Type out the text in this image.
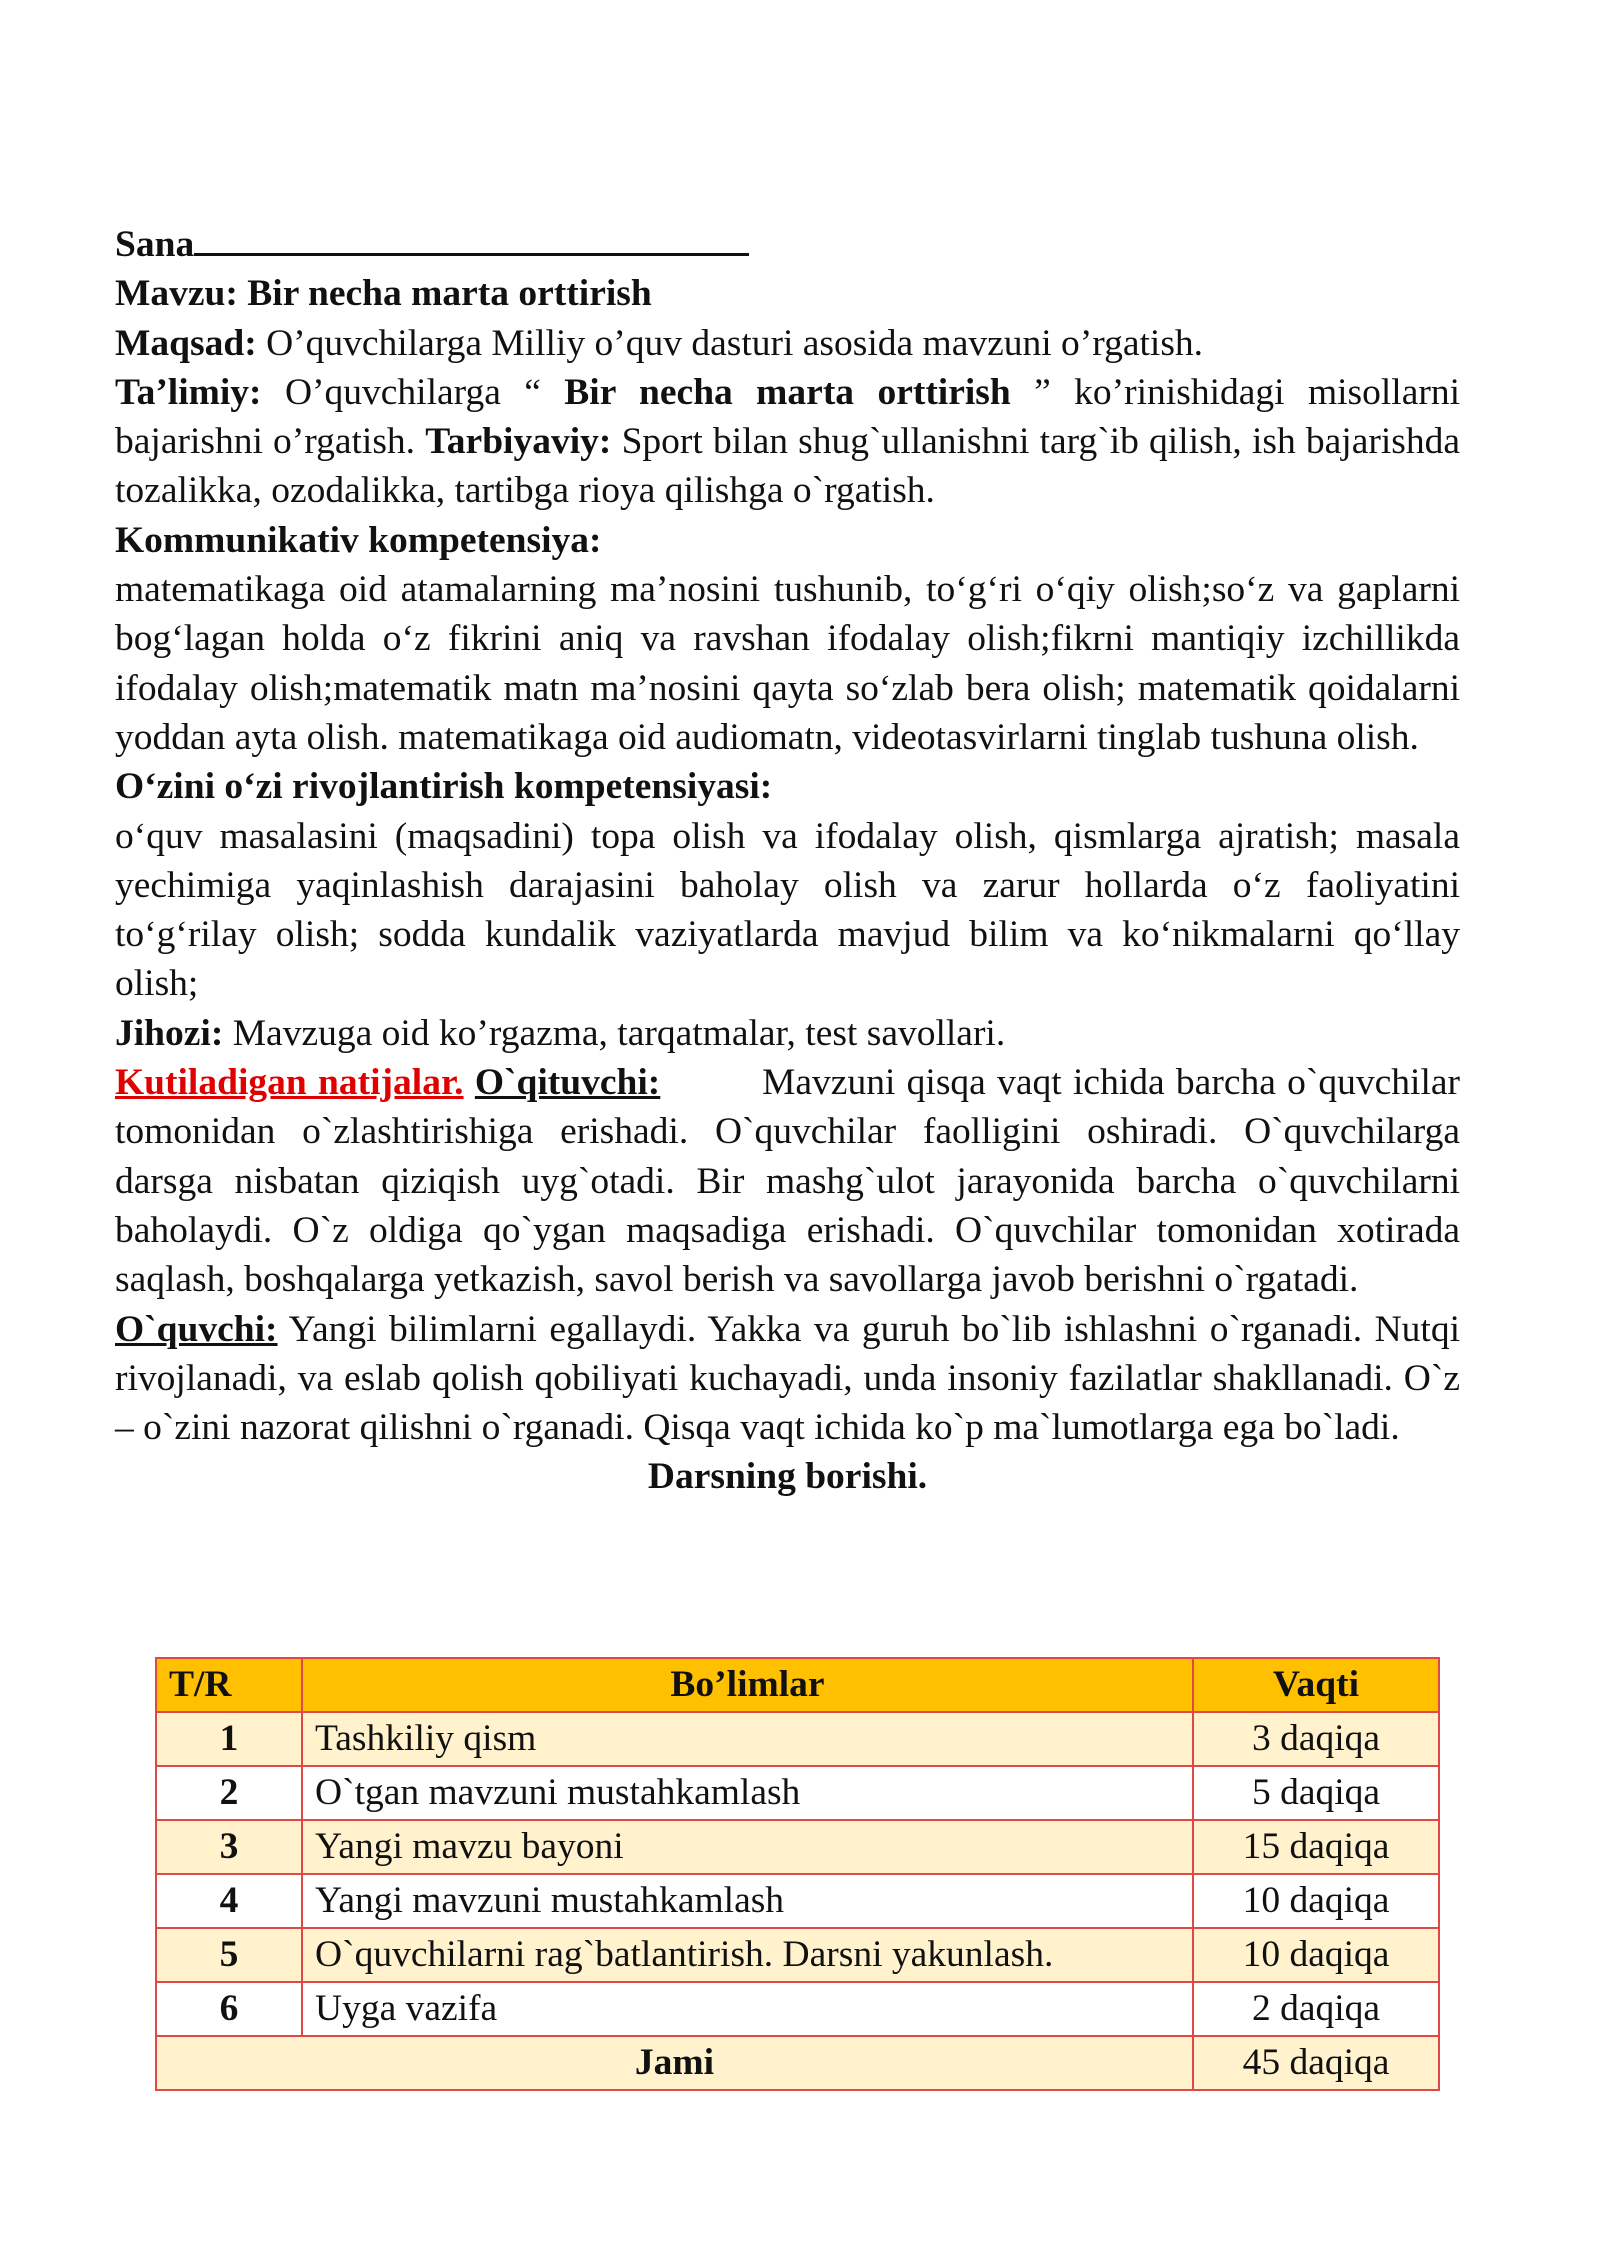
Sana

Mavzu: Bir necha marta orttirish

Maqsad: O’quvchilarga Milliy o’quv dasturi asosida mavzuni o’rgatish.

Ta’limiy: O’quvchilarga “ Bir necha marta orttirish ” ko’rinishidagi misollarni bajarishni o’rgatish. Tarbiyaviy: Sport bilan shug`ullanishni targ`ib qilish, ish bajarishda tozalikka, ozodalikka, tartibga rioya qilishga o`rgatish.

Kommunikativ kompetensiya:

matematikaga oid atamalarning ma’nosini tushunib, to‘g‘ri o‘qiy olish;so‘z va gaplarni bog‘lagan holda o‘z fikrini aniq va ravshan ifodalay olish;fikrni mantiqiy izchillikda ifodalay olish;matematik matn ma’nosini qayta so‘zlab bera olish; matematik qoidalarni yoddan ayta olish. matematikaga oid audiomatn, videotasvirlarni tinglab tushuna olish.

O‘zini o‘zi rivojlantirish kompetensiyasi:

o‘quv masalasini (maqsadini) topa olish va ifodalay olish, qismlarga ajratish; masala yechimiga yaqinlashish darajasini baholay olish va zarur hollarda o‘z faoliyatini to‘g‘rilay olish; sodda kundalik vaziyatlarda mavjud bilim va ko‘nikmalarni qo‘llay olish;

Jihozi: Mavzuga oid ko’rgazma, tarqatmalar, test savollari.

Kutiladigan natijalar. O`qituvchi:	Mavzuni qisqa vaqt ichida barcha o`quvchilar tomonidan o`zlashtirishiga erishadi. O`quvchilar faolligini oshiradi. O`quvchilarga darsga nisbatan qiziqish uyg`otadi. Bir mashg`ulot jarayonida barcha o`quvchilarni baholaydi. O`z oldiga qo`ygan maqsadiga erishadi. O`quvchilar tomonidan xotirada saqlash, boshqalarga yetkazish, savol berish va savollarga javob berishni o`rgatadi.

O`quvchi: Yangi bilimlarni egallaydi. Yakka va guruh bo`lib ishlashni o`rganadi. Nutqi rivojlanadi, va eslab qolish qobiliyati kuchayadi, unda insoniy fazilatlar shakllanadi. O`z – o`zini nazorat qilishni o`rganadi. Qisqa vaqt ichida ko`p ma`lumotlarga ega bo`ladi.

Darsning borishi.

T/R	Bo’limlar	Vaqti
1	Tashkiliy qism	3 daqiqa
2	O`tgan mavzuni mustahkamlash	5 daqiqa
3	Yangi mavzu bayoni	15 daqiqa
4	Yangi mavzuni mustahkamlash	10 daqiqa
5	O`quvchilarni rag`batlantirish. Darsni yakunlash.	10 daqiqa
6	Uyga vazifa	2 daqiqa
Jami		45 daqiqa
